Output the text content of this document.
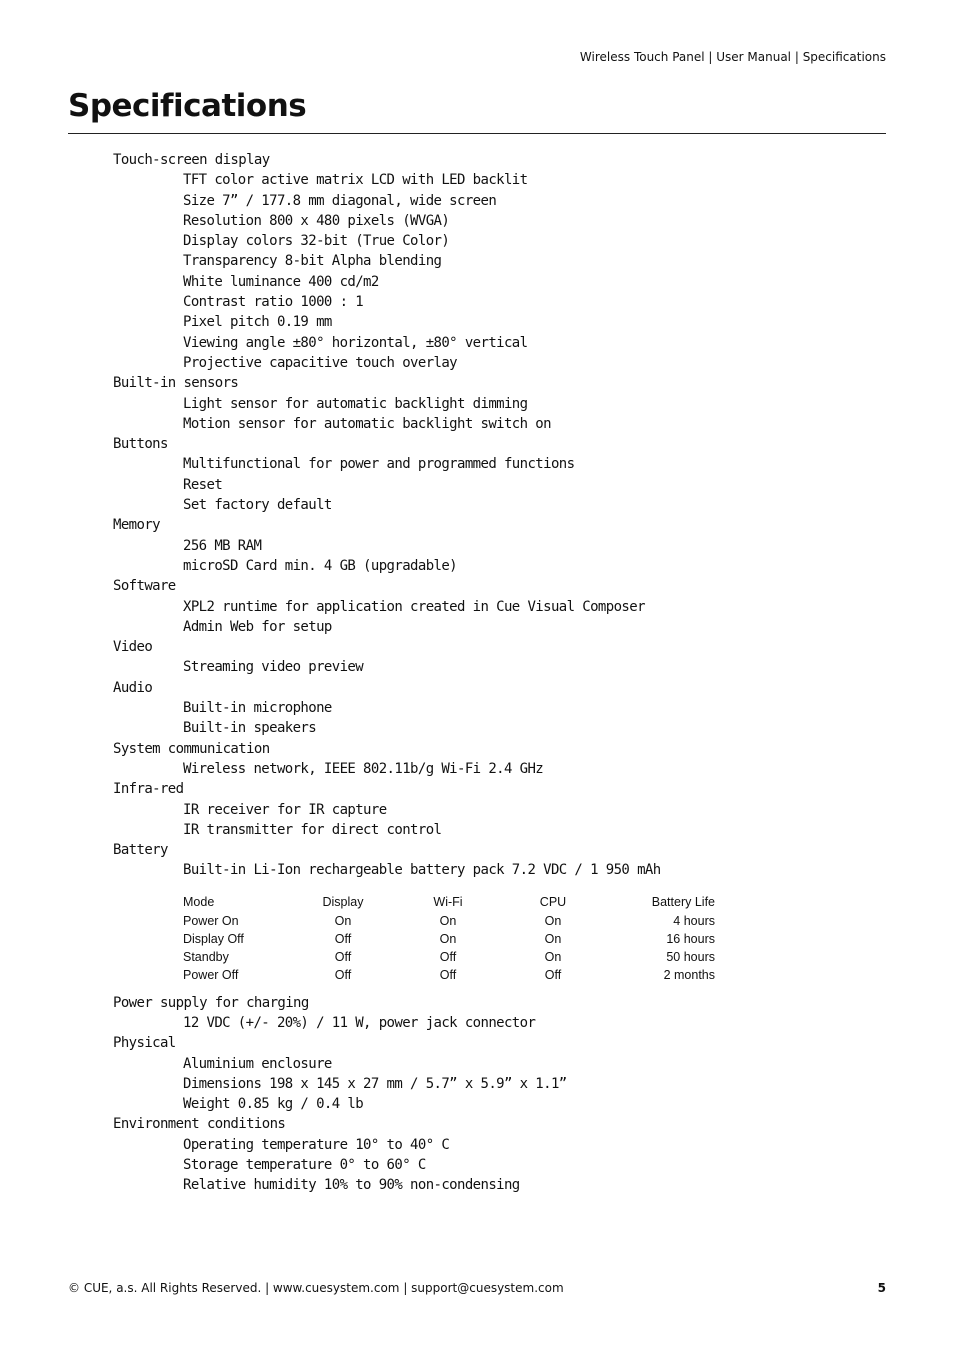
Wireless Touch Panel | User Manual | Specifications
Specifications
Touch-screen display
TFT color active matrix LCD with LED backlit
Size 7” / 177.8 mm diagonal, wide screen
Resolution 800 x 480 pixels (WVGA)
Display colors 32-bit (True Color)
Transparency 8-bit Alpha blending
White luminance 400 cd/m2
Contrast ratio 1000 : 1
Pixel pitch 0.19 mm
Viewing angle ±80° horizontal, ±80° vertical
Projective capacitive touch overlay
Built-in sensors
Light sensor for automatic backlight dimming
Motion sensor for automatic backlight switch on
Buttons
Multifunctional for power and programmed functions
Reset
Set factory default
Memory
256 MB RAM
microSD Card min. 4 GB (upgradable)
Software
XPL2 runtime for application created in Cue Visual Composer
Admin Web for setup
Video
Streaming video preview
Audio
Built-in microphone
Built-in speakers
System communication
Wireless network, IEEE 802.11b/g Wi-Fi 2.4 GHz
Infra-red
IR receiver for IR capture
IR transmitter for direct control
Battery
Built-in Li-Ion rechargeable battery pack 7.2 VDC / 1 950 mAh
Mode	Display	Wi-Fi	CPU	Battery Life
Power On	On	On	On	4 hours
Display Off	Off	On	On	16 hours
Standby	Off	Off	On	50 hours
Power Off	Off	Off	Off	2 months
Power supply for charging
12 VDC (+/- 20%) / 11 W, power jack connector
Physical
Aluminium enclosure
Dimensions 198 x 145 x 27 mm / 5.7” x 5.9” x 1.1”
Weight 0.85 kg / 0.4 lb
Environment conditions
Operating temperature 10° to 40° C
Storage temperature 0° to 60° C
Relative humidity 10% to 90% non-condensing
© CUE, a.s. All Rights Reserved. | www.cuesystem.com | support@cuesystem.com	5
